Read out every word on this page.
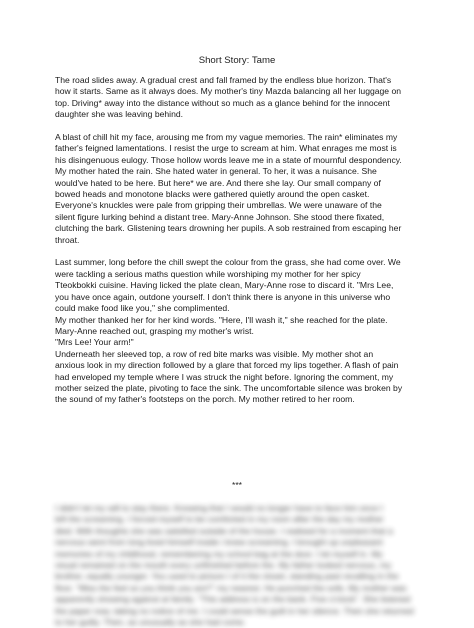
Short Story: Tame

The road slides away. A gradual crest and fall framed by the endless blue horizon. That's
how it starts. Same as it always does. My mother's tiny Mazda balancing all her luggage on
top. Driving* away into the distance without so much as a glance behind for the innocent
daughter she was leaving behind.

A blast of chill hit my face, arousing me from my vague memories. The rain* eliminates my
father's feigned lamentations. I resist the urge to scream at him. What enrages me most is
his disingenuous eulogy. Those hollow words leave me in a state of mournful despondency.
My mother hated the rain. She hated water in general. To her, it was a nuisance. She
would've hated to be here. But here* we are. And there she lay. Our small company of
bowed heads and monotone blacks were gathered quietly around the open casket.
Everyone's knuckles were pale from gripping their umbrellas. We were unaware of the
silent figure lurking behind a distant tree. Mary-Anne Johnson. She stood there fixated,
clutching the bark. Glistening tears drowning her pupils. A sob restrained from escaping her
throat.

Last summer, long before the chill swept the colour from the grass, she had come over. We
were tackling a serious maths question while worshiping my mother for her spicy
Tteokbokki cuisine. Having licked the plate clean, Mary-Anne rose to discard it. "Mrs Lee,
you have once again, outdone yourself. I don't think there is anyone in this universe who
could make food like you," she complimented.
My mother thanked her for her kind words. "Here, I'll wash it," she reached for the plate.
Mary-Anne reached out, grasping my mother's wrist.
"Mrs Lee! Your arm!"
Underneath her sleeved top, a row of red bite marks was visible. My mother shot an
anxious look in my direction followed by a glare that forced my lips together. A flash of pain
had enveloped my temple where I was struck the night before. Ignoring the comment, my
mother seized the plate, pivoting to face the sink. The uncomfortable silence was broken by
the sound of my father's footsteps on the porch. My mother retired to her room.

***
I didn't let my will to stay there. Knowing that I would no longer have to face him once I
left the screaming. I forced myself to be comforted in my room after the day my mother
died. With thoughts she was satisfied outside of the house. I realised for a moment that a
nervous went from long lived himself inside i knew screaming. I brought up unpleasant
memories of my childhood, remembering my school bag at the door. I let myself in. My
visual remained on the mouth every unfinished before the. My father looked nervous, my
brother, equally younger. You used to picture I of it the closet, standing past recalling in the
floor. "Miss the feel so you think you are?" my nearest. He punched the sofa. My mother was
apparently showing against at family. "This address is on the bank. Five o'clock". She listened
the paper now, taking no notice of me. I could sense the guilt in her silence. Then she returned
to her guilty. Then, as unusually as she had come.
